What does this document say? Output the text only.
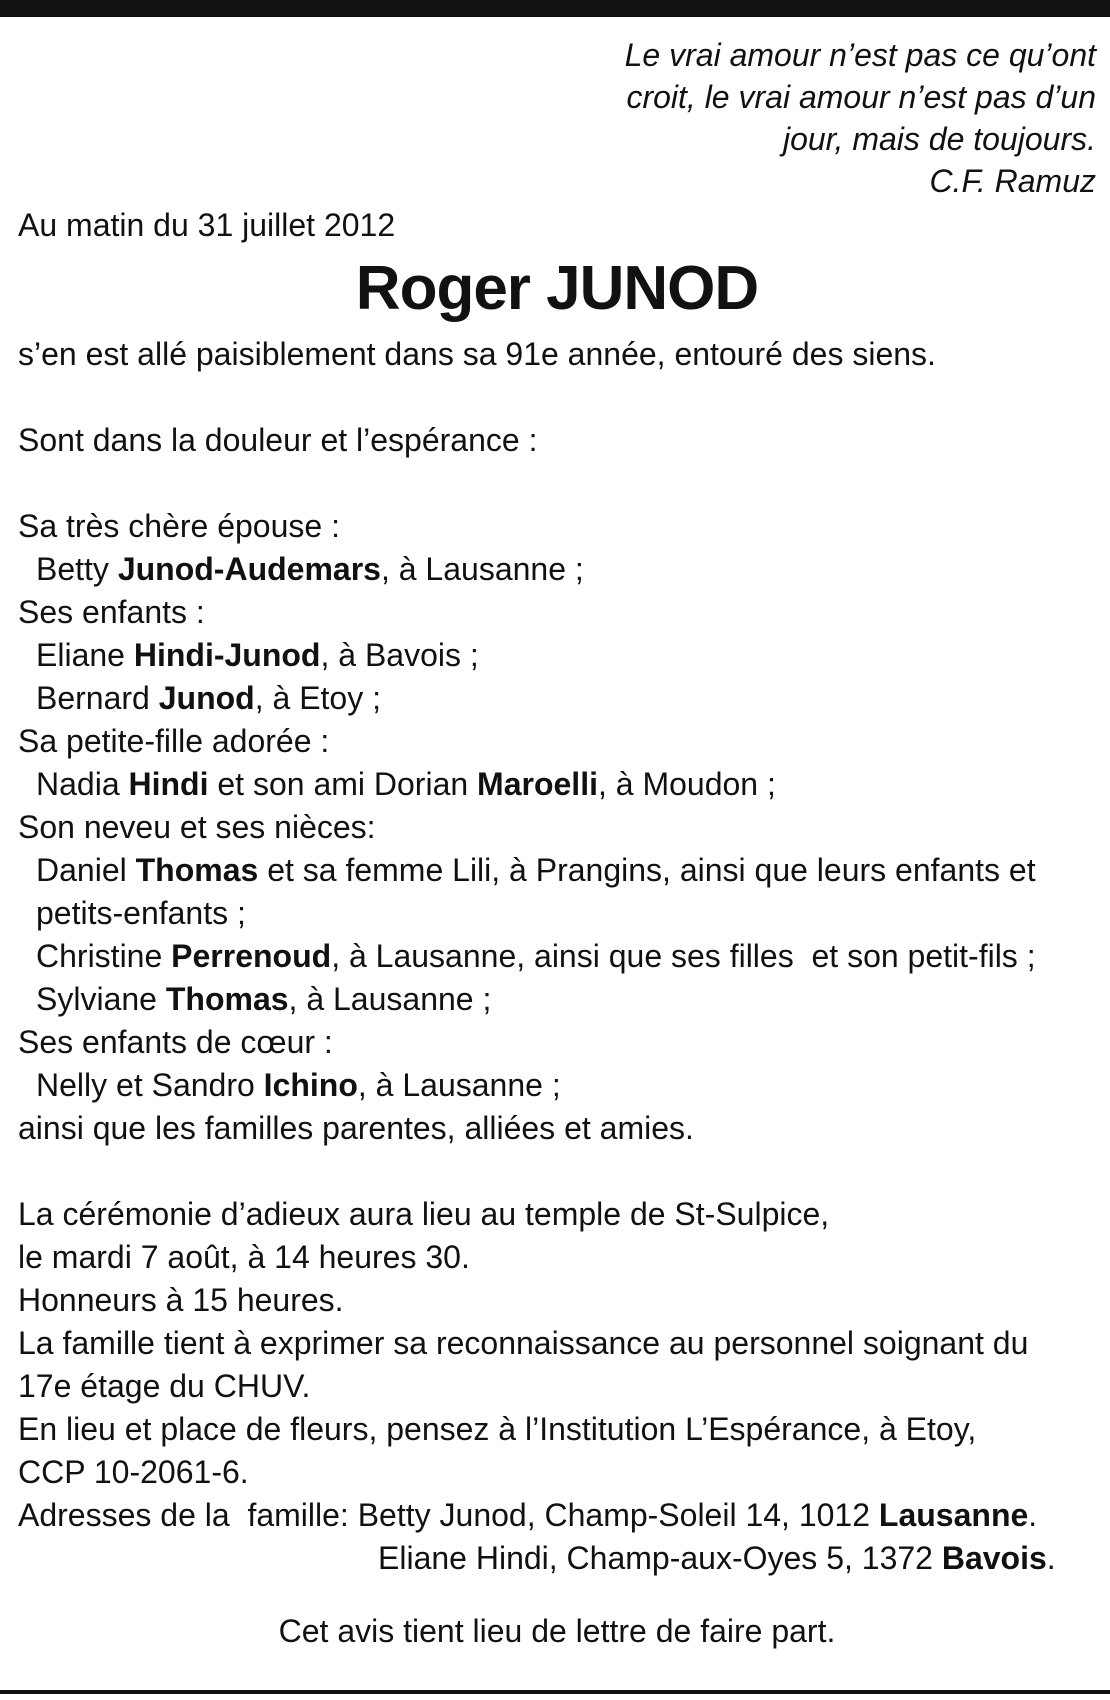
Le vrai amour n’est pas ce qu’ont
croit, le vrai amour n’est pas d’un
jour, mais de toujours.
C.F. Ramuz
Au matin du 31 juillet 2012
Roger JUNOD
s’en est allé paisiblement dans sa 91e année, entouré des siens.
Sont dans la douleur et l’espérance :
Sa très chère épouse :
Betty Junod-Audemars, à Lausanne ;
Ses enfants :
Eliane Hindi-Junod, à Bavois ;
Bernard Junod, à Etoy ;
Sa petite-fille adorée :
Nadia Hindi et son ami Dorian Maroelli, à Moudon ;
Son neveu et ses nièces:
Daniel Thomas et sa femme Lili, à Prangins, ainsi que leurs enfants et petits-enfants ;
Christine Perrenoud, à Lausanne, ainsi que ses filles  et son petit-fils ;
Sylviane Thomas, à Lausanne ;
Ses enfants de cœur :
Nelly et Sandro Ichino, à Lausanne ;
ainsi que les familles parentes, alliées et amies.
La cérémonie d’adieux aura lieu au temple de St-Sulpice,
le mardi 7 août, à 14 heures 30.
Honneurs à 15 heures.
La famille tient à exprimer sa reconnaissance au personnel soignant du
17e étage du CHUV.
En lieu et place de fleurs, pensez à l’Institution L’Espérance, à Etoy,
CCP 10-2061-6.
Adresses de la  famille: Betty Junod, Champ-Soleil 14, 1012 Lausanne.
Eliane Hindi, Champ-aux-Oyes 5, 1372 Bavois.
Cet avis tient lieu de lettre de faire part.
